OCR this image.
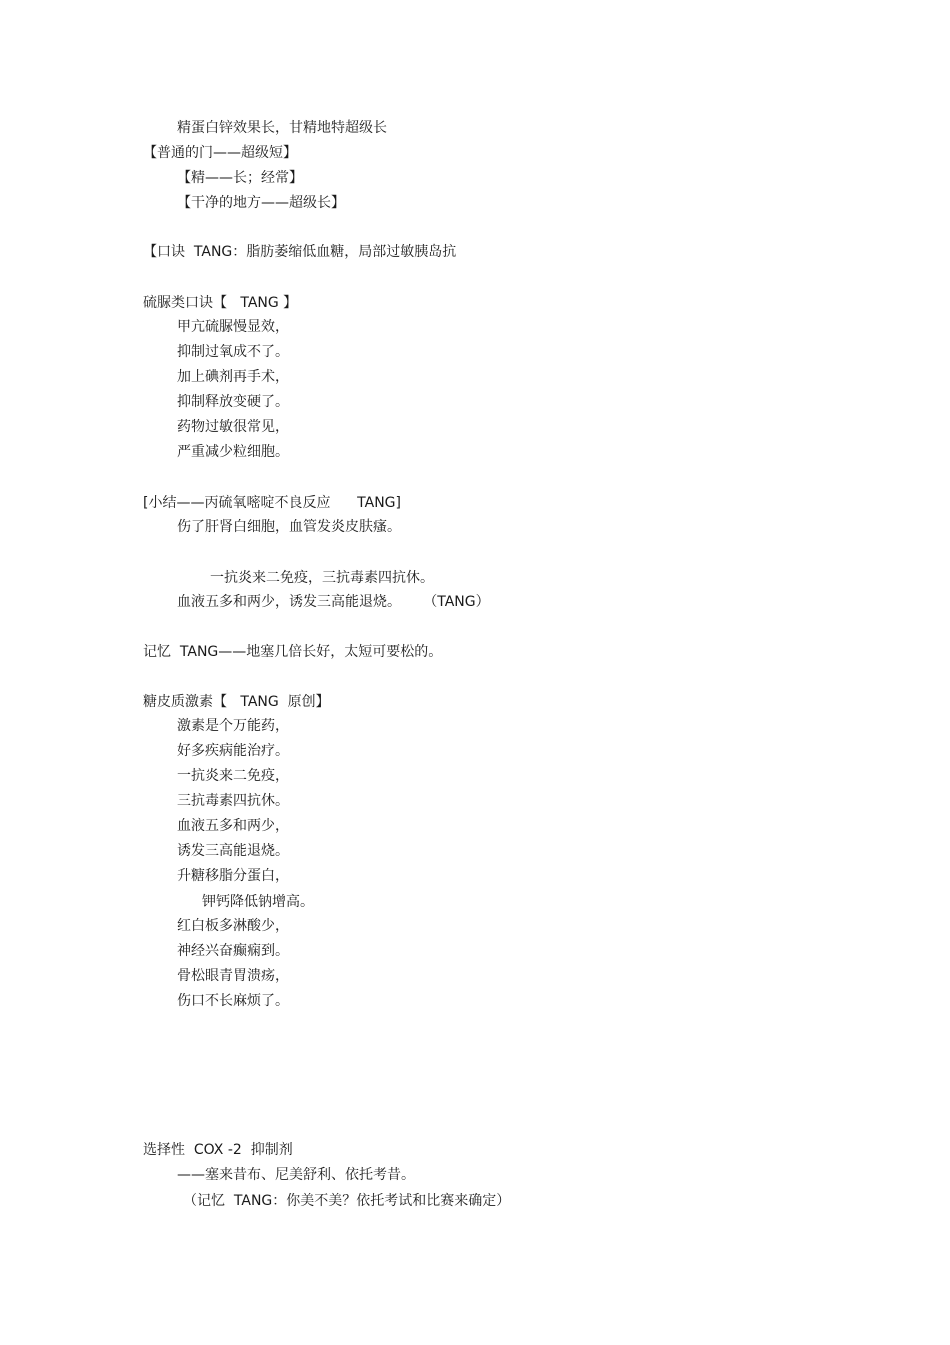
精蛋白锌效果长，甘精地特超级长
【普通的门——超级短】
【精——长；经常】
【干净的地方——超级长】
【口诀  TANG：脂肪萎缩低血糖，局部过敏胰岛抗
硫脲类口诀【   TANG 】
甲亢硫脲慢显效，
抑制过氧成不了。
加上碘剂再手术，
抑制释放变硬了。
药物过敏很常见，
严重减少粒细胞。
[小结——丙硫氧嘧啶不良反应      TANG]
伤了肝肾白细胞，血管发炎皮肤瘙。
一抗炎来二免疫，三抗毒素四抗休。
血液五多和两少，诱发三高能退烧。     （TANG）
记忆  TANG——地塞几倍长好，太短可要松的。
糖皮质激素【   TANG  原创】
激素是个万能药，
好多疾病能治疗。
一抗炎来二免疫，
三抗毒素四抗休。
血液五多和两少，
诱发三高能退烧。
升糖移脂分蛋白，
钾钙降低钠增高。
红白板多淋酸少，
神经兴奋癫痫到。
骨松眼青胃溃疡，
伤口不长麻烦了。
选择性  COX -2  抑制剂
——塞来昔布、尼美舒利、依托考昔。
（记忆  TANG：你美不美？依托考试和比赛来确定）
